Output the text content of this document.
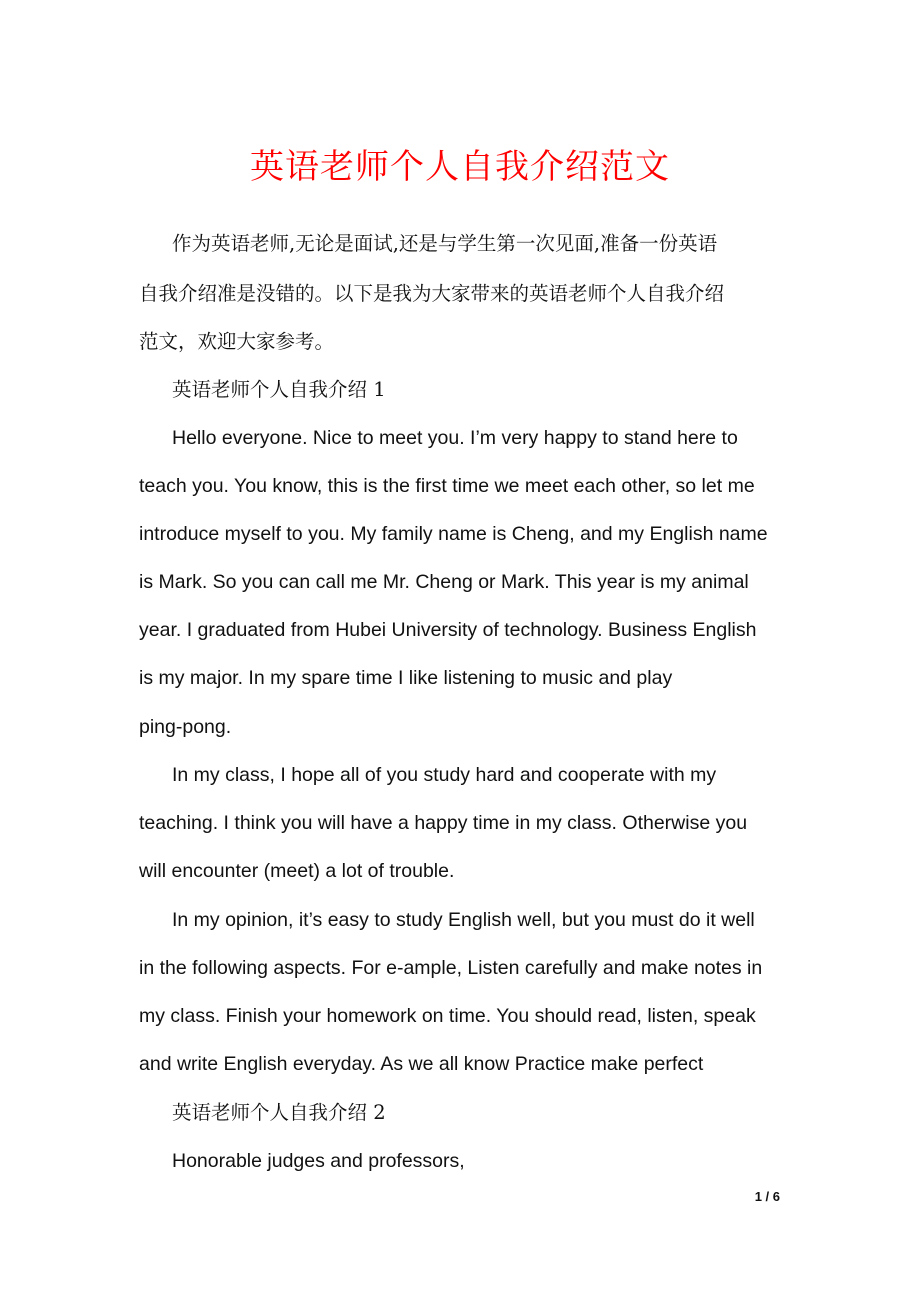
英语老师个人自我介绍范文
作为英语老师,无论是面试,还是与学生第一次见面,准备一份英语
自我介绍准是没错的。以下是我为大家带来的英语老师个人自我介绍
范文，欢迎大家参考。
英语老师个人自我介绍 1
Hello everyone. Nice to meet you. I’m very happy to stand here to
teach you. You know, this is the first time we meet each other, so let me
introduce myself to you. My family name is Cheng, and my English name
is Mark. So you can call me Mr. Cheng or Mark. This year is my animal
year. I graduated from Hubei University of technology. Business English
is my major. In my spare time I like listening to music and play
ping-pong.
In my class, I hope all of you study hard and cooperate with my
teaching. I think you will have a happy time in my class. Otherwise you
will encounter (meet) a lot of trouble.
In my opinion, it’s easy to study English well, but you must do it well
in the following aspects. For e-ample, Listen carefully and make notes in
my class. Finish your homework on time. You should read, listen, speak
and write English everyday. As we all know Practice make perfect
英语老师个人自我介绍 2
Honorable judges and professors,
1 / 6
